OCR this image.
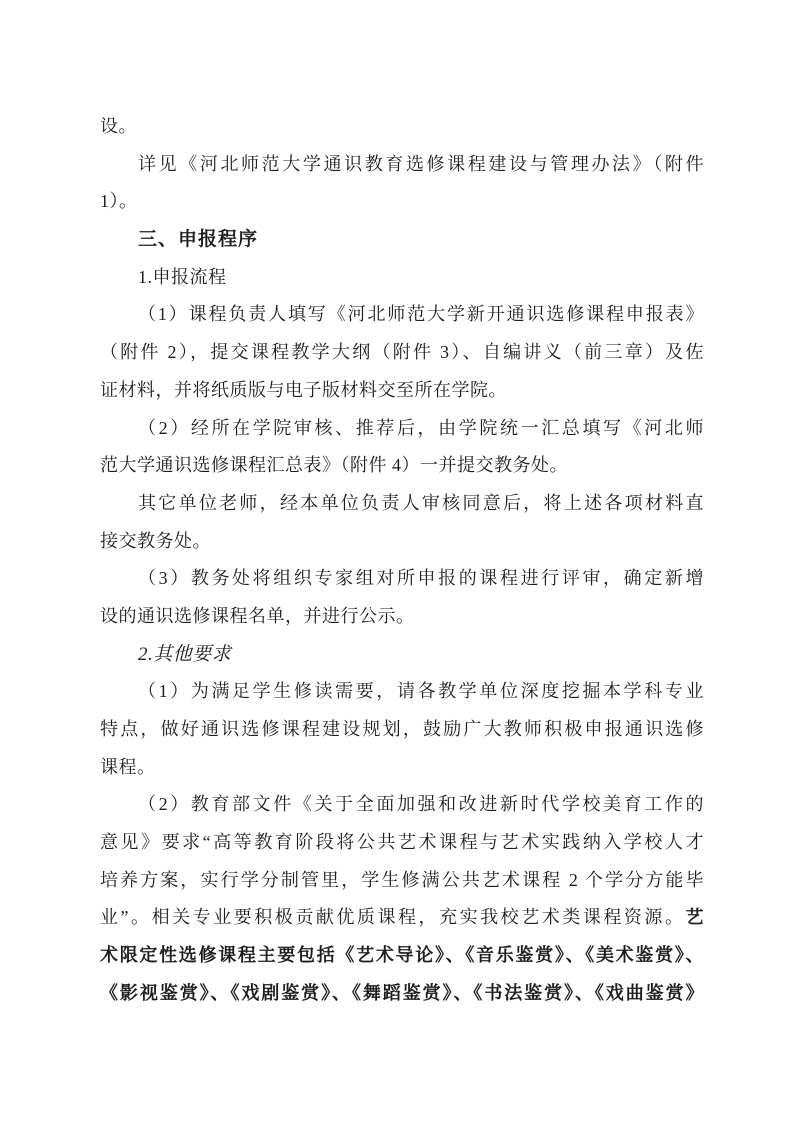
设。
详见《河北师范大学通识教育选修课程建设与管理办法》（附件
1）。
三、申报程序
1.申报流程
（1）课程负责人填写《河北师范大学新开通识选修课程申报表》
（附件 2），提交课程教学大纲（附件 3）、自编讲义（前三章）及佐
证材料，并将纸质版与电子版材料交至所在学院。
（2）经所在学院审核、推荐后，由学院统一汇总填写《河北师
范大学通识选修课程汇总表》（附件 4）一并提交教务处。
其它单位老师，经本单位负责人审核同意后，将上述各项材料直
接交教务处。
（3）教务处将组织专家组对所申报的课程进行评审，确定新增
设的通识选修课程名单，并进行公示。
2.其他要求
（1）为满足学生修读需要，请各教学单位深度挖掘本学科专业
特点，做好通识选修课程建设规划，鼓励广大教师积极申报通识选修
课程。
（2）教育部文件《关于全面加强和改进新时代学校美育工作的
意见》要求“高等教育阶段将公共艺术课程与艺术实践纳入学校人才
培养方案，实行学分制管里，学生修满公共艺术课程 2 个学分方能毕
业”。相关专业要积极贡献优质课程，充实我校艺术类课程资源。艺
术限定性选修课程主要包括《艺术导论》、《音乐鉴赏》、《美术鉴赏》、
《影视鉴赏》、《戏剧鉴赏》、《舞蹈鉴赏》、《书法鉴赏》、《戏曲鉴赏》
